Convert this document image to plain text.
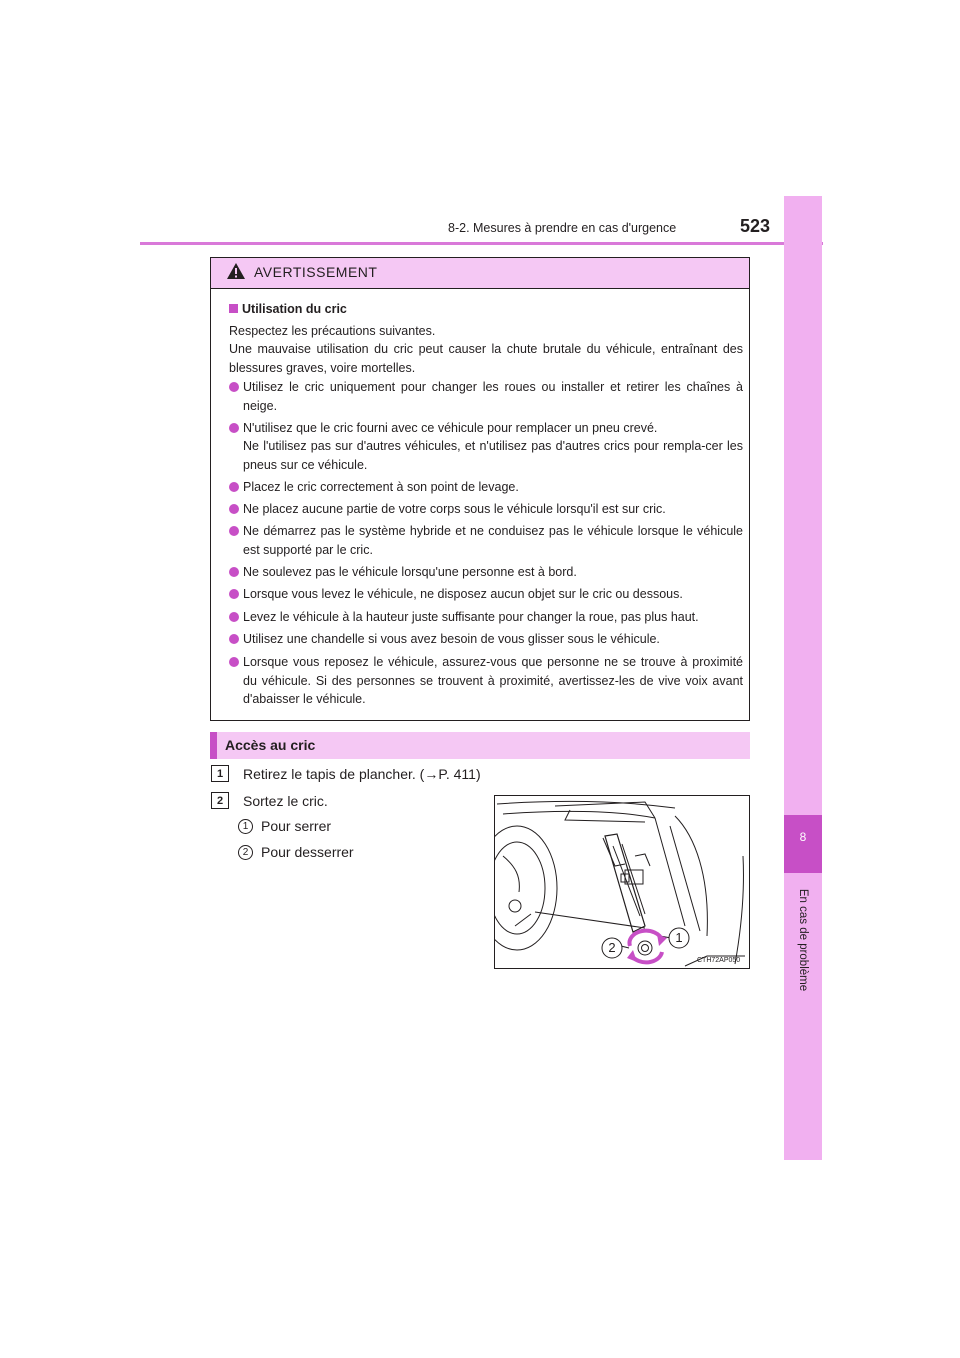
8-2. Mesures à prendre en cas d'urgence	523
8
En cas de problème
AVERTISSEMENT
Utilisation du cric
Respectez les précautions suivantes.
Une mauvaise utilisation du cric peut causer la chute brutale du véhicule, entraînant des blessures graves, voire mortelles.
Utilisez le cric uniquement pour changer les roues ou installer et retirer les chaînes à neige.
N'utilisez que le cric fourni avec ce véhicule pour remplacer un pneu crevé.
Ne l'utilisez pas sur d'autres véhicules, et n'utilisez pas d'autres crics pour rempla-cer les pneus sur ce véhicule.
Placez le cric correctement à son point de levage.
Ne placez aucune partie de votre corps sous le véhicule lorsqu'il est sur cric.
Ne démarrez pas le système hybride et ne conduisez pas le véhicule lorsque le véhicule est supporté par le cric.
Ne soulevez pas le véhicule lorsqu'une personne est à bord.
Lorsque vous levez le véhicule, ne disposez aucun objet sur le cric ou dessous.
Levez le véhicule à la hauteur juste suffisante pour changer la roue, pas plus haut.
Utilisez une chandelle si vous avez besoin de vous glisser sous le véhicule.
Lorsque vous reposez le véhicule, assurez-vous que personne ne se trouve à proximité du véhicule. Si des personnes se trouvent à proximité, avertissez-les de vive voix avant d'abaisser le véhicule.
Accès au cric
1	Retirez le tapis de plancher. (→P. 411)
2	Sortez le cric.
1 Pour serrer
2 Pour desserrer
1
2
CTH72AP050
